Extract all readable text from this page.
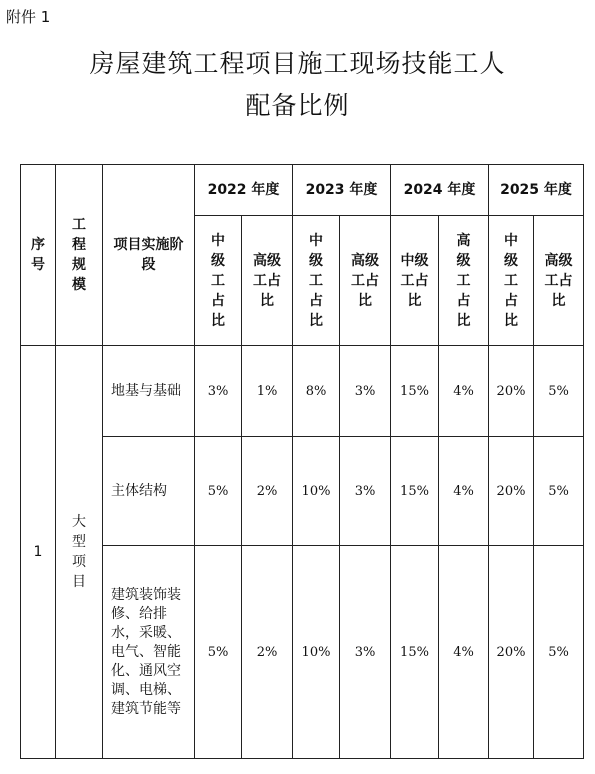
附件 1
房屋建筑工程项目施工现场技能工人
配备比例
序号	工程规模	项目实施阶段	2022 年度		2023 年度		2024 年度		2025 年度	
			中级工占比	高级工占比	中级工占比	高级工占比	中级工占比	高级工占比	中级工占比	高级工占比
1	大型项目	地基与基础	3%	1%	8%	3%	15%	4%	20%	5%
		主体结构	5%	2%	10%	3%	15%	4%	20%	5%
		建筑装饰装修、给排水，采暖、电气、智能化、通风空调、电梯、建筑节能等	5%	2%	10%	3%	15%	4%	20%	5%
